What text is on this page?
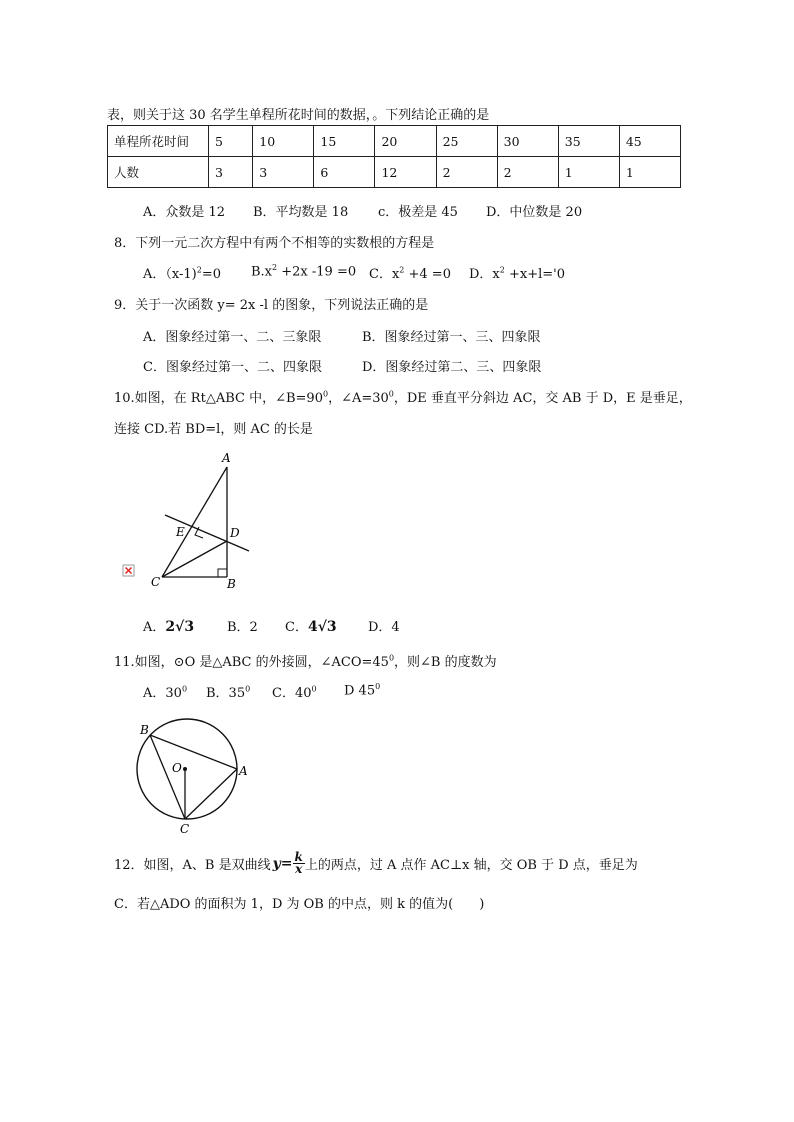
表，则关于这 30 名学生单程所花时间的数据，。下列结论正确的是
单程所花时间	5	10	15	20	25	30	35	45
人数	3	3	6	12	2	2	1	1
A．众数是 12 B．平均数是 18 c．极差是 45 D．中位数是 20
8．下列一元二次方程中有两个不相等的实数根的方程是
A．（x-1)$^2$=0 $B.x^2 +2x$ -19 =0 C．$x^2 +4 =0$ D．$x^2 +x+l='0$
9．关于一次函数 y= 2x -l 的图象，下列说法正确的是
A．图象经过第一、二、三象限	B．图象经过第一、三、四象限
C．图象经过第一、二、四象限	D．图象经过第二、三、四象限
10.如图，在 Rt△ABC 中，$\angle B=90^0$，$\angle A=30^0$，DE 垂直平分斜边 AC，交 AB 于 D，E 是垂足，
连接 CD.若 BD=l，则 AC 的长是
A
E	D
C	B
A．2√3	B．2 C．4√3 D．4
11.如图，⊙O 是△ABC 的外接圆，$\angle ACO=45^0$，则∠B 的度数为
A．$30^0$ B．$35^0$ C．$40^0$ D $45^0$
B
O	A
C
12．如图，A、B 是双曲线 $y= \frac{k}{x}$ 上的两点，过 A 点作 AC⊥x 轴，交 OB 于 D 点，垂足为
C．若△ADO 的面积为 1，D 为 OB 的中点，则 k 的值为(　　)
